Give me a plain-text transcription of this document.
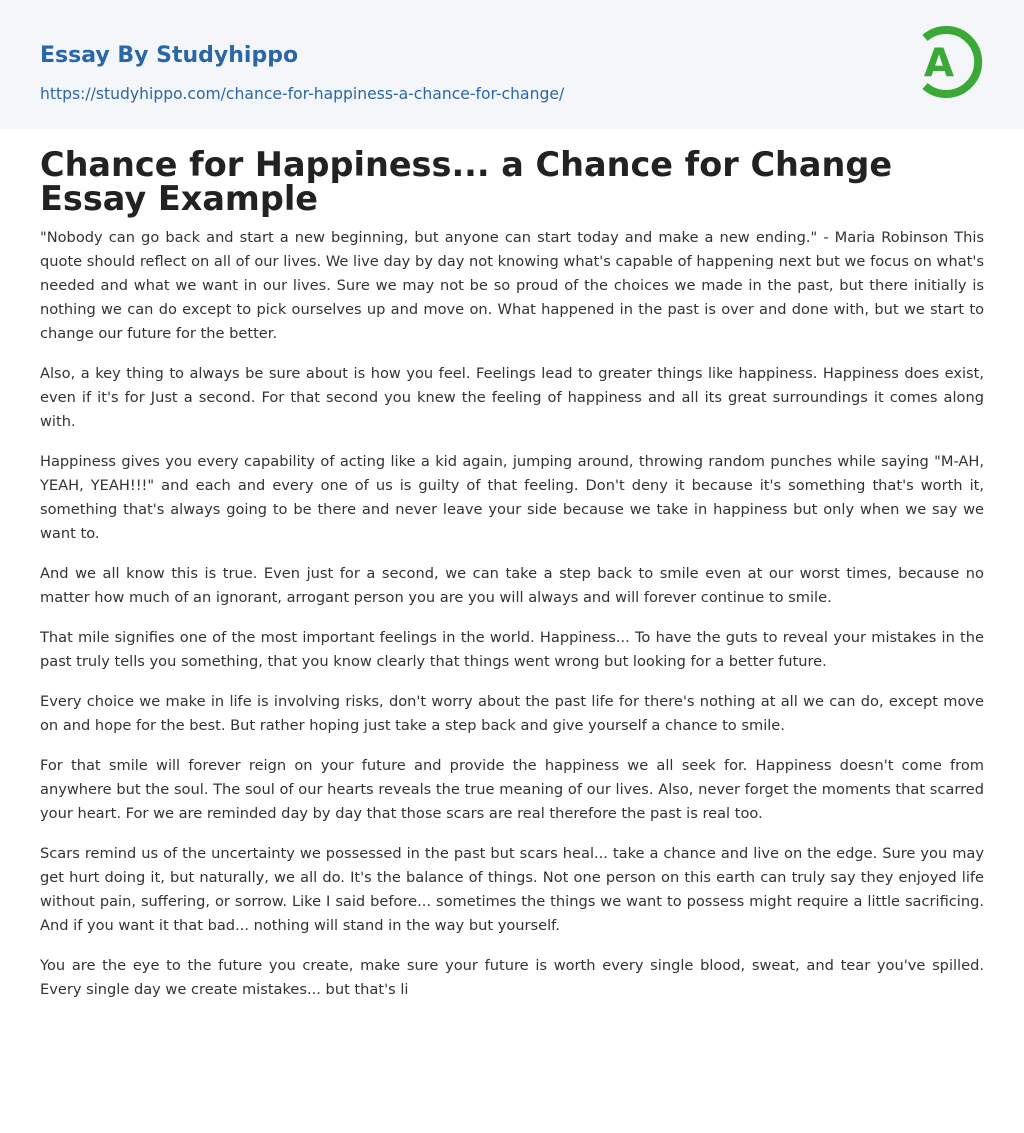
Essay By Studyhippo
https://studyhippo.com/chance-for-happiness-a-chance-for-change/
A
Chance for Happiness... a Chance for Change Essay Example

"Nobody can go back and start a new beginning, but anyone can start today and make a new ending." - Maria Robinson This quote should reflect on all of our lives. We live day by day not knowing what's capable of happening next but we focus on what's needed and what we want in our lives. Sure we may not be so proud of the choices we made in the past, but there initially is nothing we can do except to pick ourselves up and move on. What happened in the past is over and done with, but we start to change our future for the better.

Also, a key thing to always be sure about is how you feel. Feelings lead to greater things like happiness. Happiness does exist, even if it's for Just a second. For that second you knew the feeling of happiness and all its great surroundings it comes along with.

Happiness gives you every capability of acting like a kid again, jumping around, throwing random punches while saying "M-AH, YEAH, YEAH!!!" and each and every one of us is guilty of that feeling. Don't deny it because it's something that's worth it, something that's always going to be there and never leave your side because we take in happiness but only when we say we want to.

And we all know this is true. Even just for a second, we can take a step back to smile even at our worst times, because no matter how much of an ignorant, arrogant person you are you will always and will forever continue to smile.

That mile signifies one of the most important feelings in the world. Happiness... To have the guts to reveal your mistakes in the past truly tells you something, that you know clearly that things went wrong but looking for a better future.

Every choice we make in life is involving risks, don't worry about the past life for there's nothing at all we can do, except move on and hope for the best. But rather hoping just take a step back and give yourself a chance to smile.

For that smile will forever reign on your future and provide the happiness we all seek for. Happiness doesn't come from anywhere but the soul. The soul of our hearts reveals the true meaning of our lives. Also, never forget the moments that scarred your heart. For we are reminded day by day that those scars are real therefore the past is real too.

Scars remind us of the uncertainty we possessed in the past but scars heal... take a chance and live on the edge. Sure you may get hurt doing it, but naturally, we all do. It's the balance of things. Not one person on this earth can truly say they enjoyed life without pain, suffering, or sorrow. Like I said before... sometimes the things we want to possess might require a little sacrificing. And if you want it that bad... nothing will stand in the way but yourself.

You are the eye to the future you create, make sure your future is worth every single blood, sweat, and tear you've spilled. Every single day we create mistakes... but that's li
